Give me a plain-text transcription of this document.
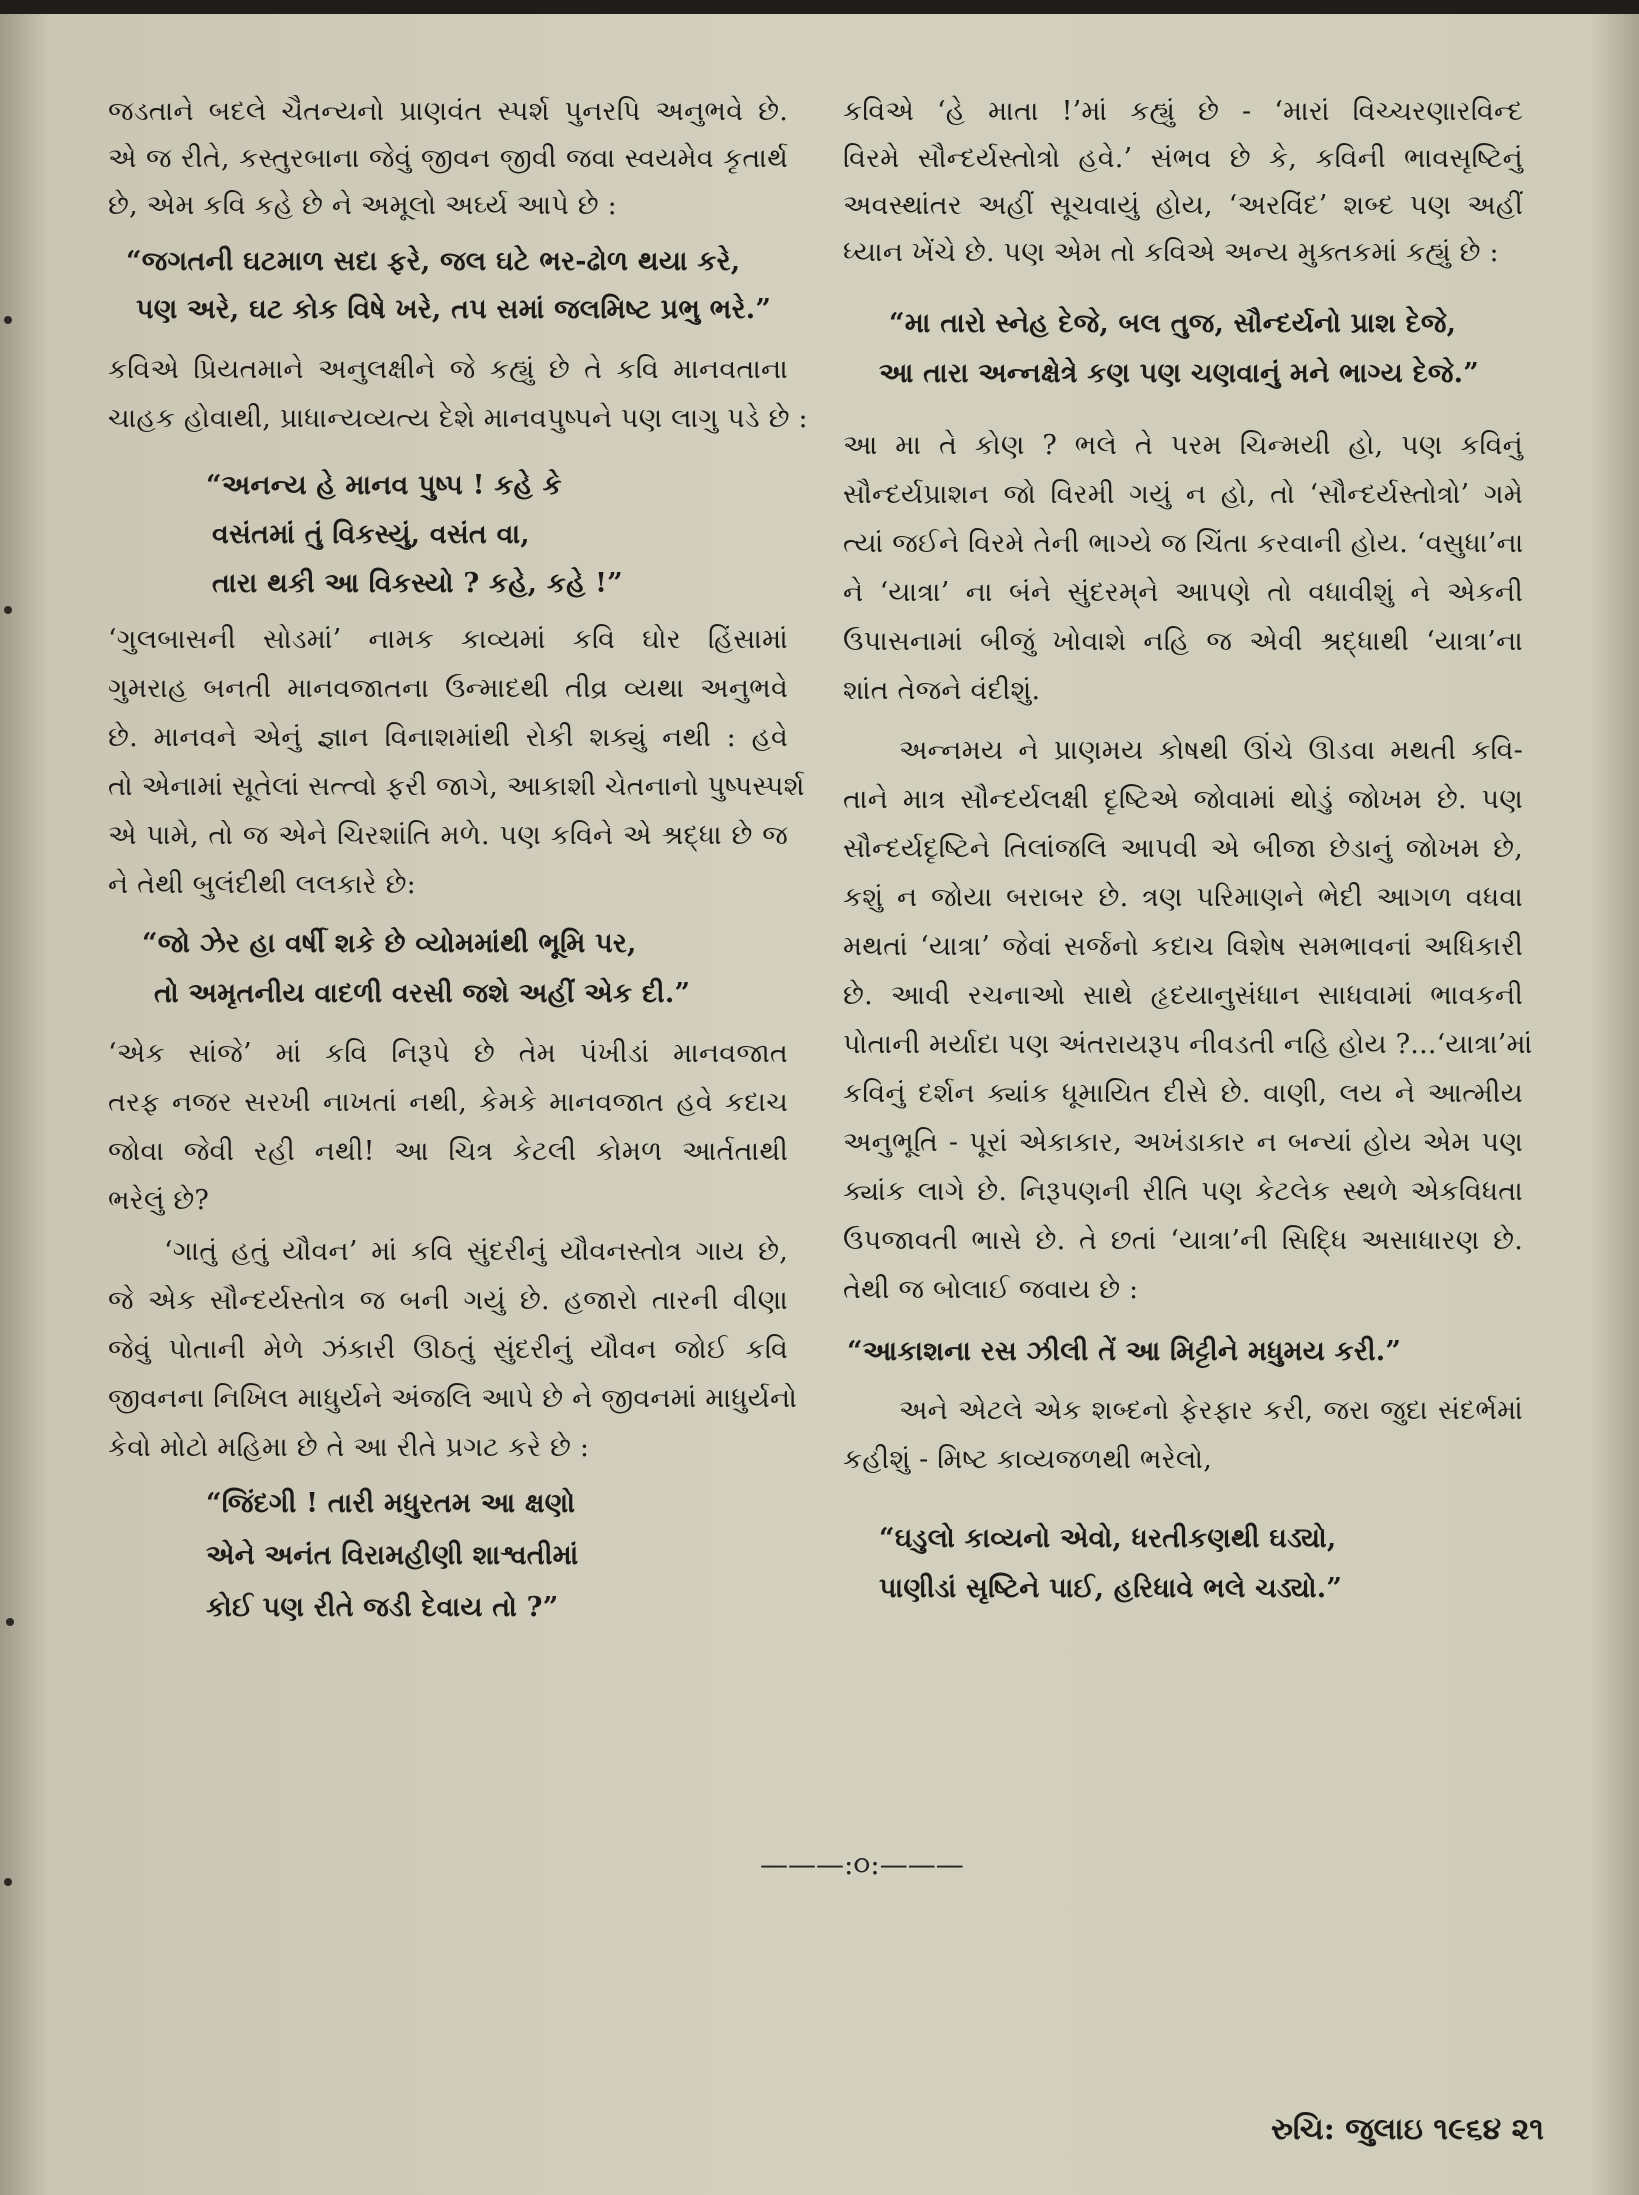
જડતાને બદલે ચૈતન્યનો પ્રાણવંત સ્પર્શ પુનરપિ અનુભવે છે.
એ જ રીતે, કસ્તુરબાના જેવું જીવન જીવી જવા સ્વયમેવ કૃતાર્થ
છે, એમ કવિ કહે છે ને અમૂલો અર્ઘ્ય આપે છે :
“જગતની ઘટમાળ સદા ફરે, જલ ઘટે ભર-ઢોળ થયા કરે,
પણ અરે, ઘટ કોક વિષે ખરે, તપ સમાં જલમિષ્ટ પ્રભુ ભરે.”
કવિએ પ્રિયતમાને અનુલક્ષીને જે કહ્યું છે તે કવિ માનવતાના
ચાહક હોવાથી, પ્રાધાન્યવ્યત્ય દેશે માનવપુષ્પને પણ લાગુ પડે છે :
“અનન્ય હે માનવ પુષ્પ ! કહે કે
વસંતમાં તું વિકસ્યું, વસંત વા,
તારા થકી આ વિકસ્યો ? કહે, કહે !”
‘ગુલબાસની સોડમાં’ નામક કાવ્યમાં કવિ ઘોર હિંસામાં
ગુમરાહ બનતી માનવજાતના ઉન્માદથી તીવ્ર વ્યથા અનુભવે
છે. માનવને એનું જ્ઞાન વિનાશમાંથી રોકી શક્યું નથી : હવે
તો એનામાં સૂતેલાં સત્ત્વો ફરી જાગે, આકાશી ચેતનાનો પુષ્પસ્પર્શ
એ પામે, તો જ એને ચિરશાંતિ મળે. પણ કવિને એ શ્રદ્ધા છે જ
ને તેથી બુલંદીથી લલકારે છે:
“જો ઝેર હા વર્ષી શકે છે વ્યોમમાંથી ભૂમિ પર,
તો અમૃતનીય વાદળી વરસી જશે અહીં એક દી.”
‘એક સાંજે’ માં કવિ નિરૂપે છે તેમ પંખીડાં માનવજાત
તરફ નજર સરખી નાખતાં નથી, કેમકે માનવજાત હવે કદાચ
જોવા જેવી રહી નથી! આ ચિત્ર કેટલી કોમળ આર્તતાથી
ભરેલું છે?
‘ગાતું હતું યૌવન’ માં કવિ સુંદરીનું યૌવનસ્તોત્ર ગાય છે,
જે એક સૌન્દર્યસ્તોત્ર જ બની ગયું છે. હજારો તારની વીણા
જેવું પોતાની મેળે ઝંકારી ઊઠતું સુંદરીનું યૌવન જોઈ કવિ
જીવનના નિખિલ માધુર્યને અંજલિ આપે છે ને જીવનમાં માધુર્યનો
કેવો મોટો મહિમા છે તે આ રીતે પ્રગટ કરે છે :
“જિંદગી ! તારી મધુરતમ આ ક્ષણો
એને અનંત વિરામહીણી શાશ્વતીમાં
કોઈ પણ રીતે જડી દેવાય તો ?”
કવિએ ‘હે માતા !’માં કહ્યું છે - ‘મારાં વિચ્ચરણારવિન્દ
વિરમે સૌન્દર્યસ્તોત્રો હવે.’ સંભવ છે કે, કવિની ભાવસૃષ્ટિનું
અવસ્થાંતર અહીં સૂચવાયું હોય, ‘અરવિંદ’ શબ્દ પણ અહીં
ધ્યાન ખેંચે છે. પણ એમ તો કવિએ અન્ય મુક્તકમાં કહ્યું છે :
“મા તારો સ્નેહ દેજે, બલ તુજ, સૌન્દર્યનો પ્રાશ દેજે,
આ તારા અન્નક્ષેત્રે કણ પણ ચણવાનું મને ભાગ્ય દેજે.”
આ મા તે કોણ ? ભલે તે પરમ ચિન્મયી હો, પણ કવિનું
સૌન્દર્યપ્રાશન જો વિરમી ગયું ન હો, તો ‘સૌન્દર્યસ્તોત્રો’ ગમે
ત્યાં જઈને વિરમે તેની ભાગ્યે જ ચિંતા કરવાની હોય. ‘વસુધા’ના
ને ‘યાત્રા’ ના બંને સુંદરમ્‌ને આપણે તો વધાવીશું ને એકની
ઉપાસનામાં બીજું ખોવાશે નહિ જ એવી શ્રદ્ધાથી ‘યાત્રા’ના
શાંત તેજને વંદીશું.
અન્નમય ને પ્રાણમય કોષથી ઊંચે ઊડવા મથતી કવિ-
તાને માત્ર સૌન્દર્યલક્ષી દૃષ્ટિએ જોવામાં થોડું જોખમ છે. પણ
સૌન્દર્યદૃષ્ટિને તિલાંજલિ આપવી એ બીજા છેડાનું જોખમ છે,
કશું ન જોયા બરાબર છે. ત્રણ પરિમાણને ભેદી આગળ વધવા
મથતાં ‘યાત્રા’ જેવાં સર્જનો કદાચ વિશેષ સમભાવનાં અધિકારી
છે. આવી રચનાઓ સાથે હૃદયાનુસંધાન સાધવામાં ભાવકની
પોતાની મર્યાદા પણ અંતરાયરૂપ નીવડતી નહિ હોય ?...‘યાત્રા’માં
કવિનું દર્શન ક્યાંક ધૂમાયિત દીસે છે. વાણી, લય ને આત્મીય
અનુભૂતિ - પૂરાં એકાકાર, અખંડાકાર ન બન્યાં હોય એમ પણ
ક્યાંક લાગે છે. નિરૂપણની રીતિ પણ કેટલેક સ્થળે એકવિધતા
ઉપજાવતી ભાસે છે. તે છતાં ‘યાત્રા’ની સિદ્ધિ અસાધારણ છે.
તેથી જ બોલાઈ જવાય છે :
“આકાશના રસ ઝીલી તેં આ મિટ્ટીને મધુમય કરી.”
અને એટલે એક શબ્દનો ફેરફાર કરી, જરા જુદા સંદર્ભમાં
કહીશું - મિષ્ટ કાવ્યજળથી ભરેલો,
“ઘડુલો કાવ્યનો એવો, ધરતીકણથી ઘડ્યો,
પાણીડાં સૃષ્ટિને પાઈ, હરિધાવે ભલે ચડ્યો.”
———:૦:———
રુચિ: જુલાઇ ૧૯૬૪ ૨૧
